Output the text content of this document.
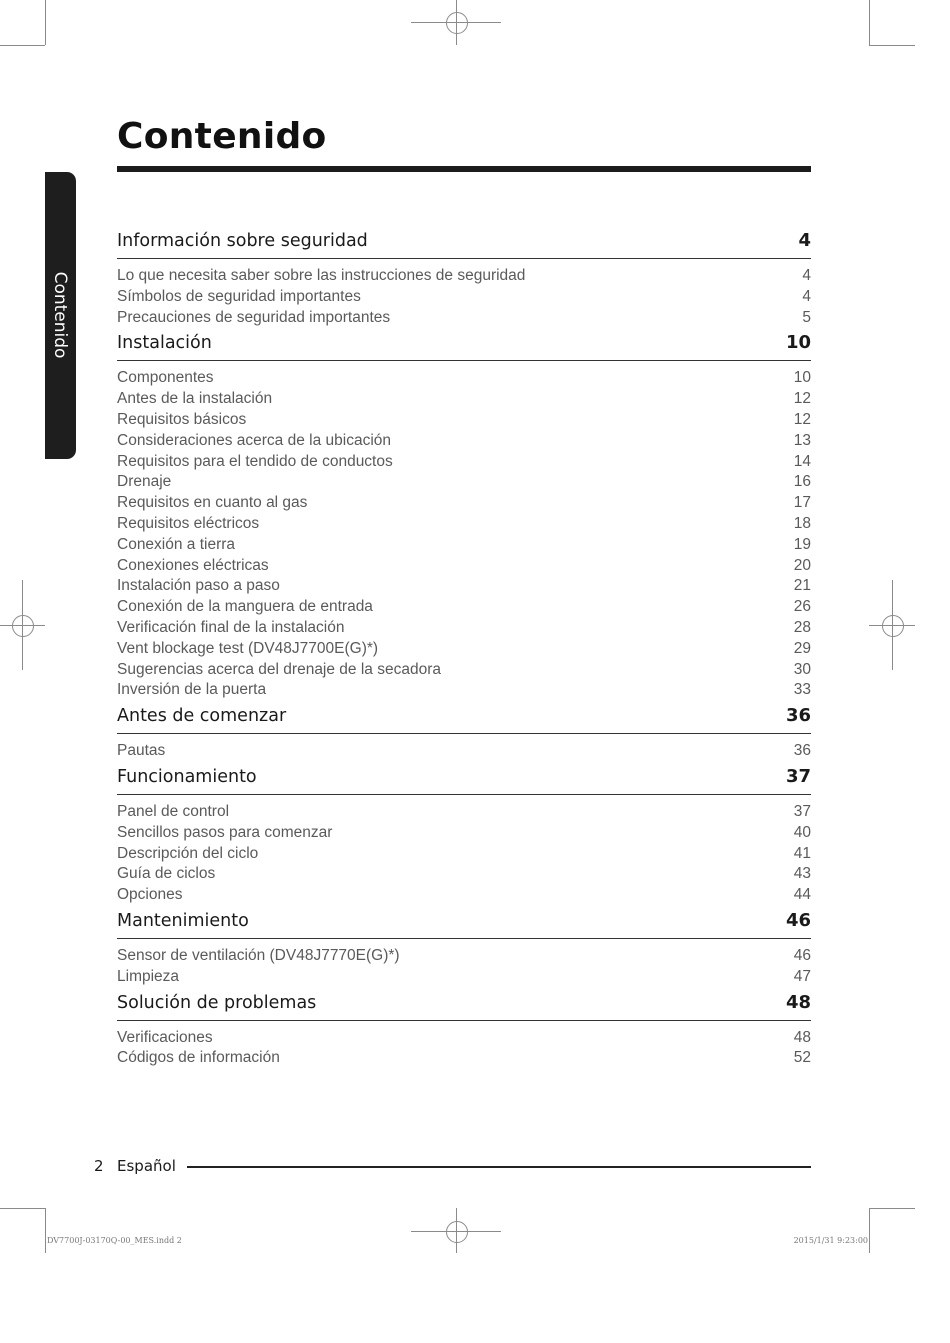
Contenido
Contenido
Información sobre seguridad	4
Lo que necesita saber sobre las instrucciones de seguridad	4
Símbolos de seguridad importantes	4
Precauciones de seguridad importantes	5
Instalación	10
Componentes	10
Antes de la instalación	12
Requisitos básicos	12
Consideraciones acerca de la ubicación	13
Requisitos para el tendido de conductos	14
Drenaje	16
Requisitos en cuanto al gas	17
Requisitos eléctricos	18
Conexión a tierra	19
Conexiones eléctricas	20
Instalación paso a paso	21
Conexión de la manguera de entrada	26
Verificación final de la instalación	28
Vent blockage test (DV48J7700E(G)*)	29
Sugerencias acerca del drenaje de la secadora	30
Inversión de la puerta	33
Antes de comenzar	36
Pautas	36
Funcionamiento	37
Panel de control	37
Sencillos pasos para comenzar	40
Descripción del ciclo	41
Guía de ciclos	43
Opciones	44
Mantenimiento	46
Sensor de ventilación (DV48J7770E(G)*)	46
Limpieza	47
Solución de problemas	48
Verificaciones	48
Códigos de información	52
2 Español
DV7700J-03170Q-00_MES.indd 2	2015/1/31 9:23:00
